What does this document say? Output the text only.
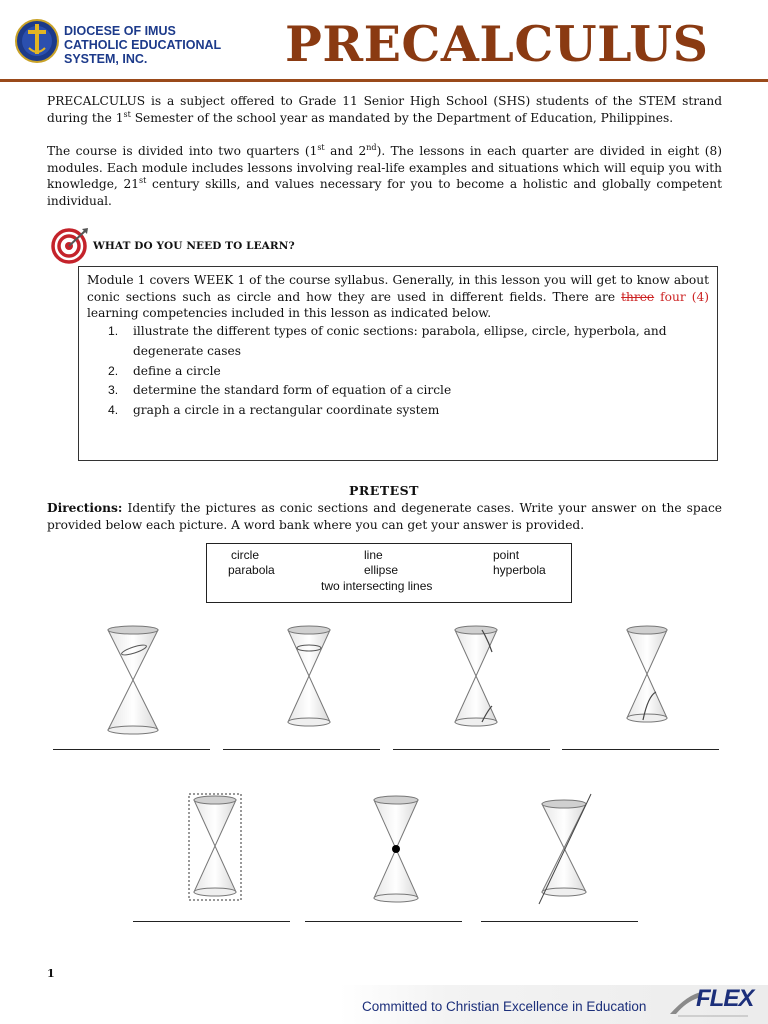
DIOCESE OF IMUS
CATHOLIC EDUCATIONAL
SYSTEM, INC.	PRECALCULUS
PRECALCULUS is a subject offered to Grade 11 Senior High School (SHS) students of the STEM strand during the 1st Semester of the school year as mandated by the Department of Education, Philippines.
The course is divided into two quarters (1st and 2nd). The lessons in each quarter are divided in eight (8) modules. Each module includes lessons involving real-life examples and situations which will equip you with knowledge, 21st century skills, and values necessary for you to become a holistic and globally competent individual.
WHAT DO YOU NEED TO LEARN?
Module 1 covers WEEK 1 of the course syllabus. Generally, in this lesson you will get to know about conic sections such as circle and how they are used in different fields. There are three four (4) learning competencies included in this lesson as indicated below.
1.	illustrate the different types of conic sections: parabola, ellipse, circle, hyperbola, and degenerate cases
2.	define a circle
3.	determine the standard form of equation of a circle
4.	graph a circle in a rectangular coordinate system
PRETEST
Directions: Identify the pictures as conic sections and degenerate cases. Write your answer on the space provided below each picture. A word bank where you can get your answer is provided.
circle	line	point
parabola	ellipse	hyperbola
two intersecting lines
1
Committed to Christian Excellence in Education FLEX
